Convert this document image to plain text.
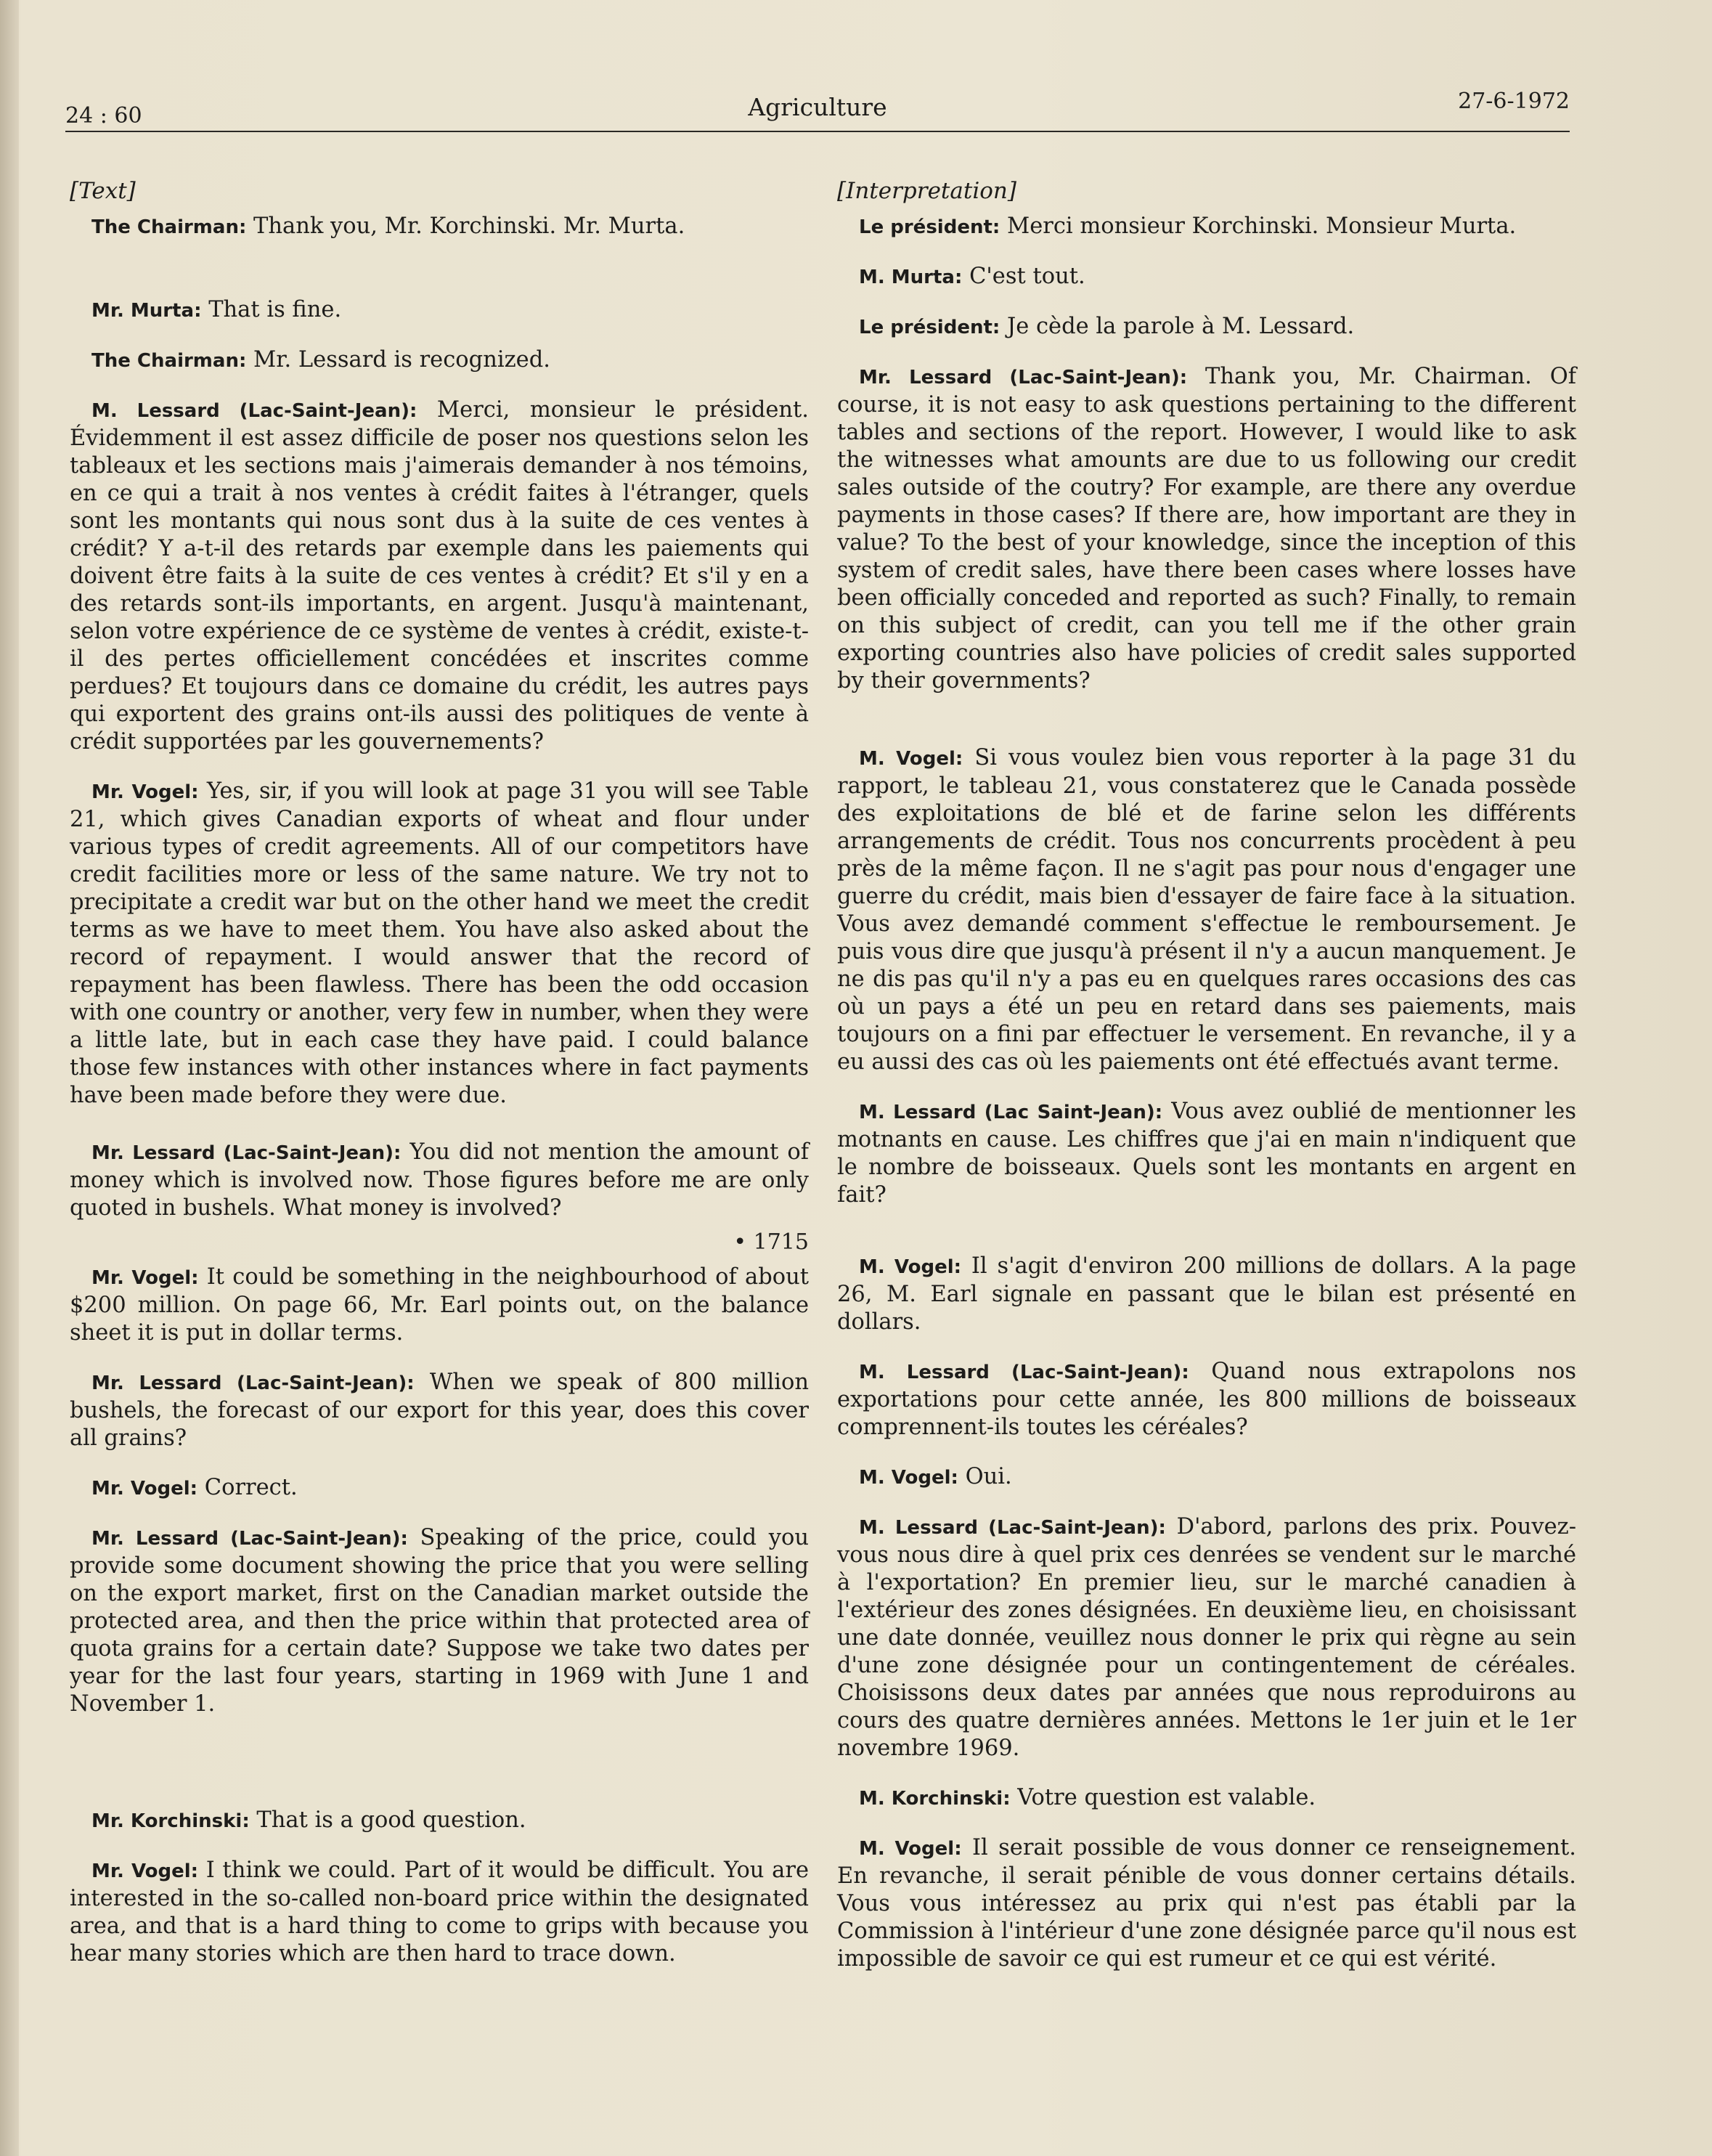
24 : 60	Agriculture	27-6-1972
[Text]

The Chairman: Thank you, Mr. Korchinski. Mr. Murta.

Mr. Murta: That is fine.

The Chairman: Mr. Lessard is recognized.

M. Lessard (Lac-Saint-Jean): Merci, monsieur le président. Évidemment il est assez difficile de poser nos questions selon les tableaux et les sections mais j'aimerais demander à nos témoins, en ce qui a trait à nos ventes à crédit faites à l'étranger, quels sont les montants qui nous sont dus à la suite de ces ventes à crédit? Y a-t-il des retards par exemple dans les paiements qui doivent être faits à la suite de ces ventes à crédit? Et s'il y en a des retards sont-ils importants, en argent. Jusqu'à maintenant, selon votre expérience de ce système de ventes à crédit, existe-t-il des pertes officiellement concédées et inscrites comme perdues? Et toujours dans ce domaine du crédit, les autres pays qui exportent des grains ont-ils aussi des politiques de vente à crédit supportées par les gouvernements?

Mr. Vogel: Yes, sir, if you will look at page 31 you will see Table 21, which gives Canadian exports of wheat and flour under various types of credit agreements. All of our competitors have credit facilities more or less of the same nature. We try not to precipitate a credit war but on the other hand we meet the credit terms as we have to meet them. You have also asked about the record of repayment. I would answer that the record of repayment has been flawless. There has been the odd occasion with one country or another, very few in number, when they were a little late, but in each case they have paid. I could balance those few instances with other instances where in fact payments have been made before they were due.

Mr. Lessard (Lac-Saint-Jean): You did not mention the amount of money which is involved now. Those figures before me are only quoted in bushels. What money is involved?

• 1715

Mr. Vogel: It could be something in the neighbourhood of about $200 million. On page 66, Mr. Earl points out, on the balance sheet it is put in dollar terms.

Mr. Lessard (Lac-Saint-Jean): When we speak of 800 million bushels, the forecast of our export for this year, does this cover all grains?

Mr. Vogel: Correct.

Mr. Lessard (Lac-Saint-Jean): Speaking of the price, could you provide some document showing the price that you were selling on the export market, first on the Canadian market outside the protected area, and then the price within that protected area of quota grains for a certain date? Suppose we take two dates per year for the last four years, starting in 1969 with June 1 and November 1.

Mr. Korchinski: That is a good question.

Mr. Vogel: I think we could. Part of it would be difficult. You are interested in the so-called non-board price within the designated area, and that is a hard thing to come to grips with because you hear many stories which are then hard to trace down.

[Interpretation]

Le président: Merci monsieur Korchinski. Monsieur Murta.

M. Murta: C'est tout.

Le président: Je cède la parole à M. Lessard.

Mr. Lessard (Lac-Saint-Jean): Thank you, Mr. Chairman. Of course, it is not easy to ask questions pertaining to the different tables and sections of the report. However, I would like to ask the witnesses what amounts are due to us following our credit sales outside of the coutry? For example, are there any overdue payments in those cases? If there are, how important are they in value? To the best of your knowledge, since the inception of this system of credit sales, have there been cases where losses have been officially conceded and reported as such? Finally, to remain on this subject of credit, can you tell me if the other grain exporting countries also have policies of credit sales supported by their governments?

M. Vogel: Si vous voulez bien vous reporter à la page 31 du rapport, le tableau 21, vous constaterez que le Canada possède des exploitations de blé et de farine selon les différents arrangements de crédit. Tous nos concurrents procèdent à peu près de la même façon. Il ne s'agit pas pour nous d'engager une guerre du crédit, mais bien d'essayer de faire face à la situation. Vous avez demandé comment s'effectue le remboursement. Je puis vous dire que jusqu'à présent il n'y a aucun manquement. Je ne dis pas qu'il n'y a pas eu en quelques rares occasions des cas où un pays a été un peu en retard dans ses paiements, mais toujours on a fini par effectuer le versement. En revanche, il y a eu aussi des cas où les paiements ont été effectués avant terme.

M. Lessard (Lac Saint-Jean): Vous avez oublié de mentionner les motnants en cause. Les chiffres que j'ai en main n'indiquent que le nombre de boisseaux. Quels sont les montants en argent en fait?

M. Vogel: Il s'agit d'environ 200 millions de dollars. A la page 26, M. Earl signale en passant que le bilan est présenté en dollars.

M. Lessard (Lac-Saint-Jean): Quand nous extrapolons nos exportations pour cette année, les 800 millions de boisseaux comprennent-ils toutes les céréales?

M. Vogel: Oui.

M. Lessard (Lac-Saint-Jean): D'abord, parlons des prix. Pouvez-vous nous dire à quel prix ces denrées se vendent sur le marché à l'exportation? En premier lieu, sur le marché canadien à l'extérieur des zones désignées. En deuxième lieu, en choisissant une date donnée, veuillez nous donner le prix qui règne au sein d'une zone désignée pour un contingentement de céréales. Choisissons deux dates par années que nous reproduirons au cours des quatre dernières années. Mettons le 1er juin et le 1er novembre 1969.

M. Korchinski: Votre question est valable.

M. Vogel: Il serait possible de vous donner ce renseignement. En revanche, il serait pénible de vous donner certains détails. Vous vous intéressez au prix qui n'est pas établi par la Commission à l'intérieur d'une zone désignée parce qu'il nous est impossible de savoir ce qui est rumeur et ce qui est vérité.
